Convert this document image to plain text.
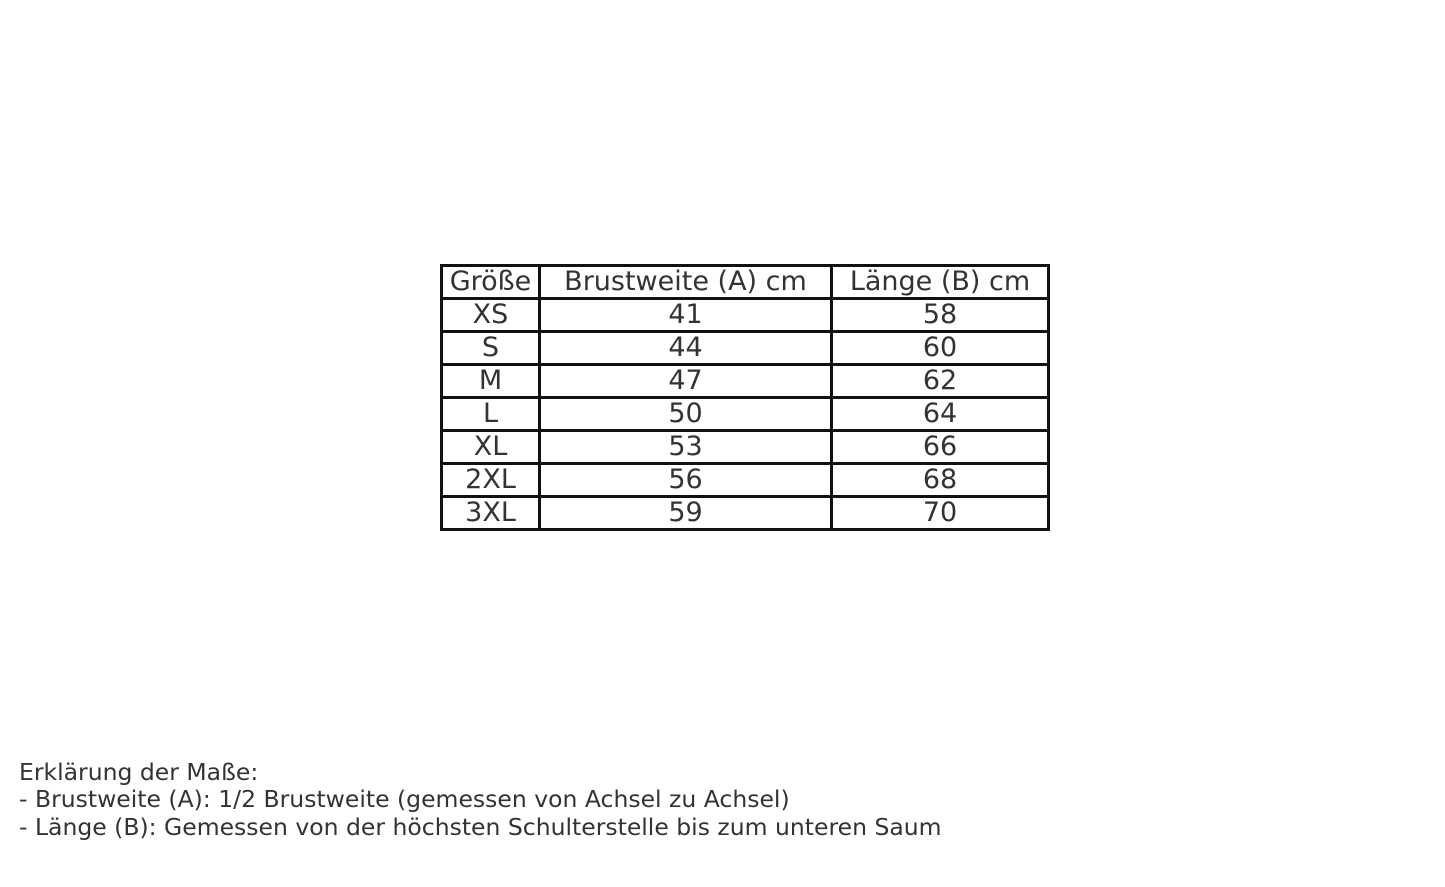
Größe	Brustweite (A) cm	Länge (B) cm
XS	41	58
S	44	60
M	47	62
L	50	64
XL	53	66
2XL	56	68
3XL	59	70
Erklärung der Maße:
- Brustweite (A): 1/2 Brustweite (gemessen von Achsel zu Achsel)
- Länge (B): Gemessen von der höchsten Schulterstelle bis zum unteren Saum
